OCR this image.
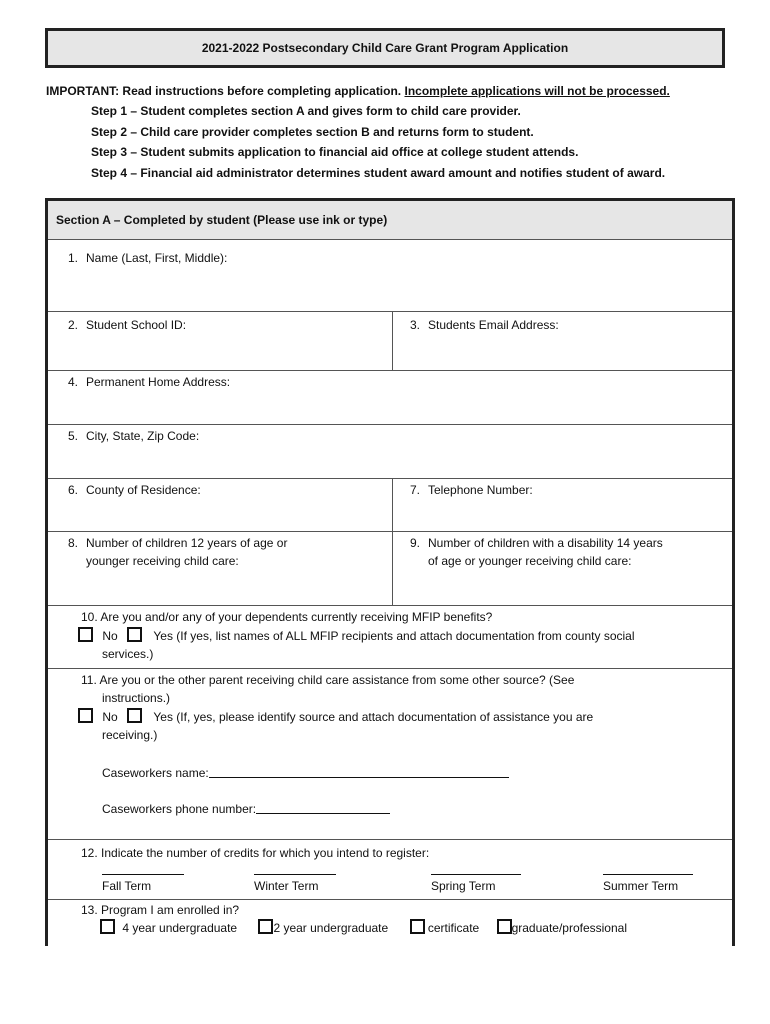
2021-2022 Postsecondary Child Care Grant Program Application
IMPORTANT: Read instructions before completing application. Incomplete applications will not be processed.
Step 1 – Student completes section A and gives form to child care provider.
Step 2 – Child care provider completes section B and returns form to student.
Step 3 – Student submits application to financial aid office at college student attends.
Step 4 – Financial aid administrator determines student award amount and notifies student of award.
Section A – Completed by student (Please use ink or type)
1. Name (Last, First, Middle):
2. Student School ID:	3. Students Email Address:
4. Permanent Home Address:
5. City, State, Zip Code:
6. County of Residence:	7. Telephone Number:
8. Number of children 12 years of age or
younger receiving child care:
9. Number of children with a disability 14 years
of age or younger receiving child care:
10. Are you and/or any of your dependents currently receiving MFIP benefits?
No	Yes (If yes, list names of ALL MFIP recipients and attach documentation from county social
services.)
11. Are you or the other parent receiving child care assistance from some other source? (See
instructions.)
No	Yes (If, yes, please identify source and attach documentation of assistance you are
receiving.)
Caseworkers name:
Caseworkers phone number:
12. Indicate the number of credits for which you intend to register:
Fall Term	Winter Term	Spring Term	Summer Term
13. Program I am enrolled in?
4 year undergraduate	2 year undergraduate	certificate	graduate/professional
